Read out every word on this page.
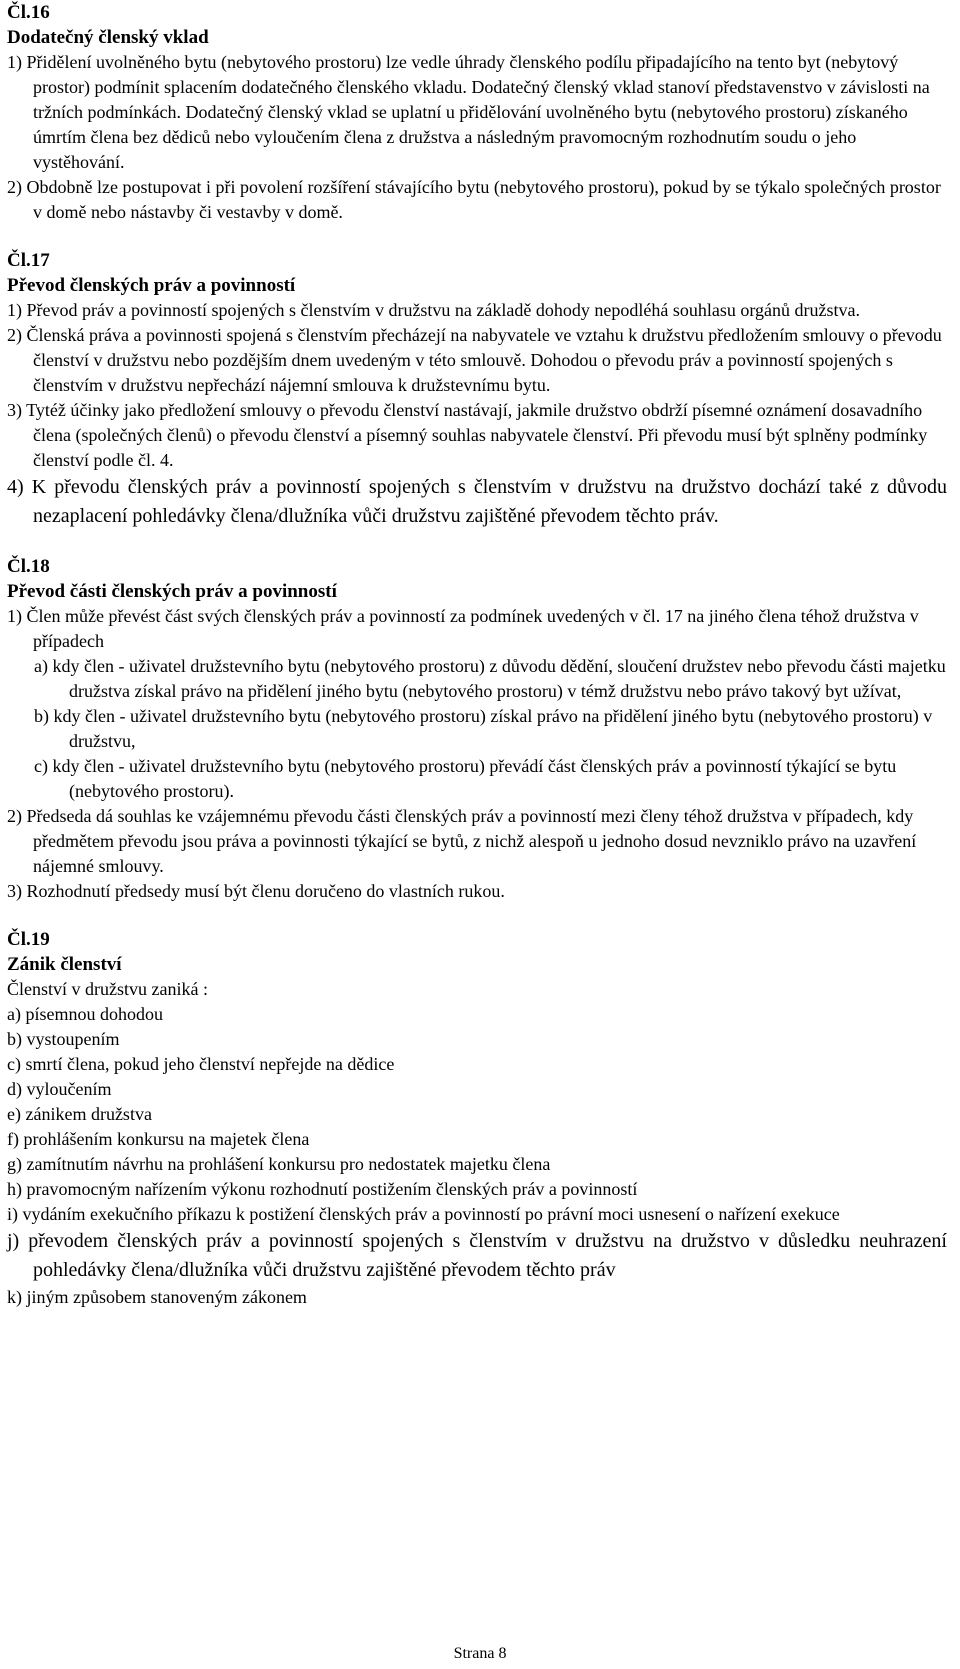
Čl.16

Dodatečný členský vklad

1) Přidělení uvolněného bytu (nebytového prostoru) lze vedle úhrady členského podílu připadajícího na tento byt (nebytový prostor) podmínit splacením dodatečného členského vkladu. Dodatečný členský vklad stanoví představenstvo v závislosti na tržních podmínkách. Dodatečný členský vklad se uplatní u přidělování uvolněného bytu (nebytového prostoru) získaného úmrtím člena bez dědiců nebo vyloučením člena z družstva a následným pravomocným rozhodnutím soudu o jeho vystěhování.

2) Obdobně lze postupovat i při povolení rozšíření stávajícího bytu (nebytového prostoru), pokud by se týkalo společných prostor v domě nebo nástavby či vestavby v domě.

Čl.17

Převod členských práv a povinností

1) Převod práv a povinností spojených s členstvím v družstvu na základě dohody nepodléhá souhlasu orgánů družstva.

2) Členská práva a povinnosti spojená s členstvím přecházejí na nabyvatele ve vztahu k družstvu předložením smlouvy o převodu členství v družstvu nebo pozdějším dnem uvedeným v této smlouvě. Dohodou o převodu práv a povinností spojených s členstvím v družstvu nepřechází nájemní smlouva k družstevnímu bytu.

3) Tytéž účinky jako předložení smlouvy o převodu členství nastávají, jakmile družstvo obdrží písemné oznámení dosavadního člena (společných členů) o převodu členství a písemný souhlas nabyvatele členství. Při převodu musí být splněny podmínky členství podle čl. 4.

4) K převodu členských práv a povinností spojených s členstvím v družstvu na družstvo dochází také z důvodu nezaplacení pohledávky člena/dlužníka vůči družstvu zajištěné převodem těchto práv.

Čl.18

Převod části členských práv a povinností

1) Člen může převést část svých členských práv a povinností za podmínek uvedených v čl. 17 na jiného člena téhož družstva v případech

a) kdy člen - uživatel družstevního bytu (nebytového prostoru) z důvodu dědění, sloučení družstev nebo převodu části majetku družstva získal právo na přidělení jiného bytu (nebytového prostoru) v témž družstvu nebo právo takový byt užívat,

b) kdy člen - uživatel družstevního bytu (nebytového prostoru) získal právo na přidělení jiného bytu (nebytového prostoru) v družstvu,

c) kdy člen - uživatel družstevního bytu (nebytového prostoru) převádí část členských práv a povinností týkající se bytu (nebytového prostoru).

2) Předseda dá souhlas ke vzájemnému převodu části členských práv a povinností mezi členy téhož družstva v případech, kdy předmětem převodu jsou práva a povinnosti týkající se bytů, z nichž alespoň u jednoho dosud nevzniklo právo na uzavření nájemné smlouvy.

3) Rozhodnutí předsedy musí být členu doručeno do vlastních rukou.

Čl.19

Zánik členství

Členství v družstvu zaniká :

a) písemnou dohodou

b) vystoupením

c) smrtí člena, pokud jeho členství nepřejde na dědice

d) vyloučením

e) zánikem družstva

f) prohlášením konkursu na majetek člena

g) zamítnutím návrhu na prohlášení konkursu pro nedostatek majetku člena

h) pravomocným nařízením výkonu rozhodnutí postižením členských práv a povinností

i) vydáním exekučního příkazu k postižení členských práv a povinností po právní moci usnesení o nařízení exekuce

j) převodem členských práv a povinností spojených s členstvím v družstvu na družstvo v důsledku neuhrazení pohledávky člena/dlužníka vůči družstvu zajištěné převodem těchto práv

k) jiným způsobem stanoveným zákonem

Strana 8
